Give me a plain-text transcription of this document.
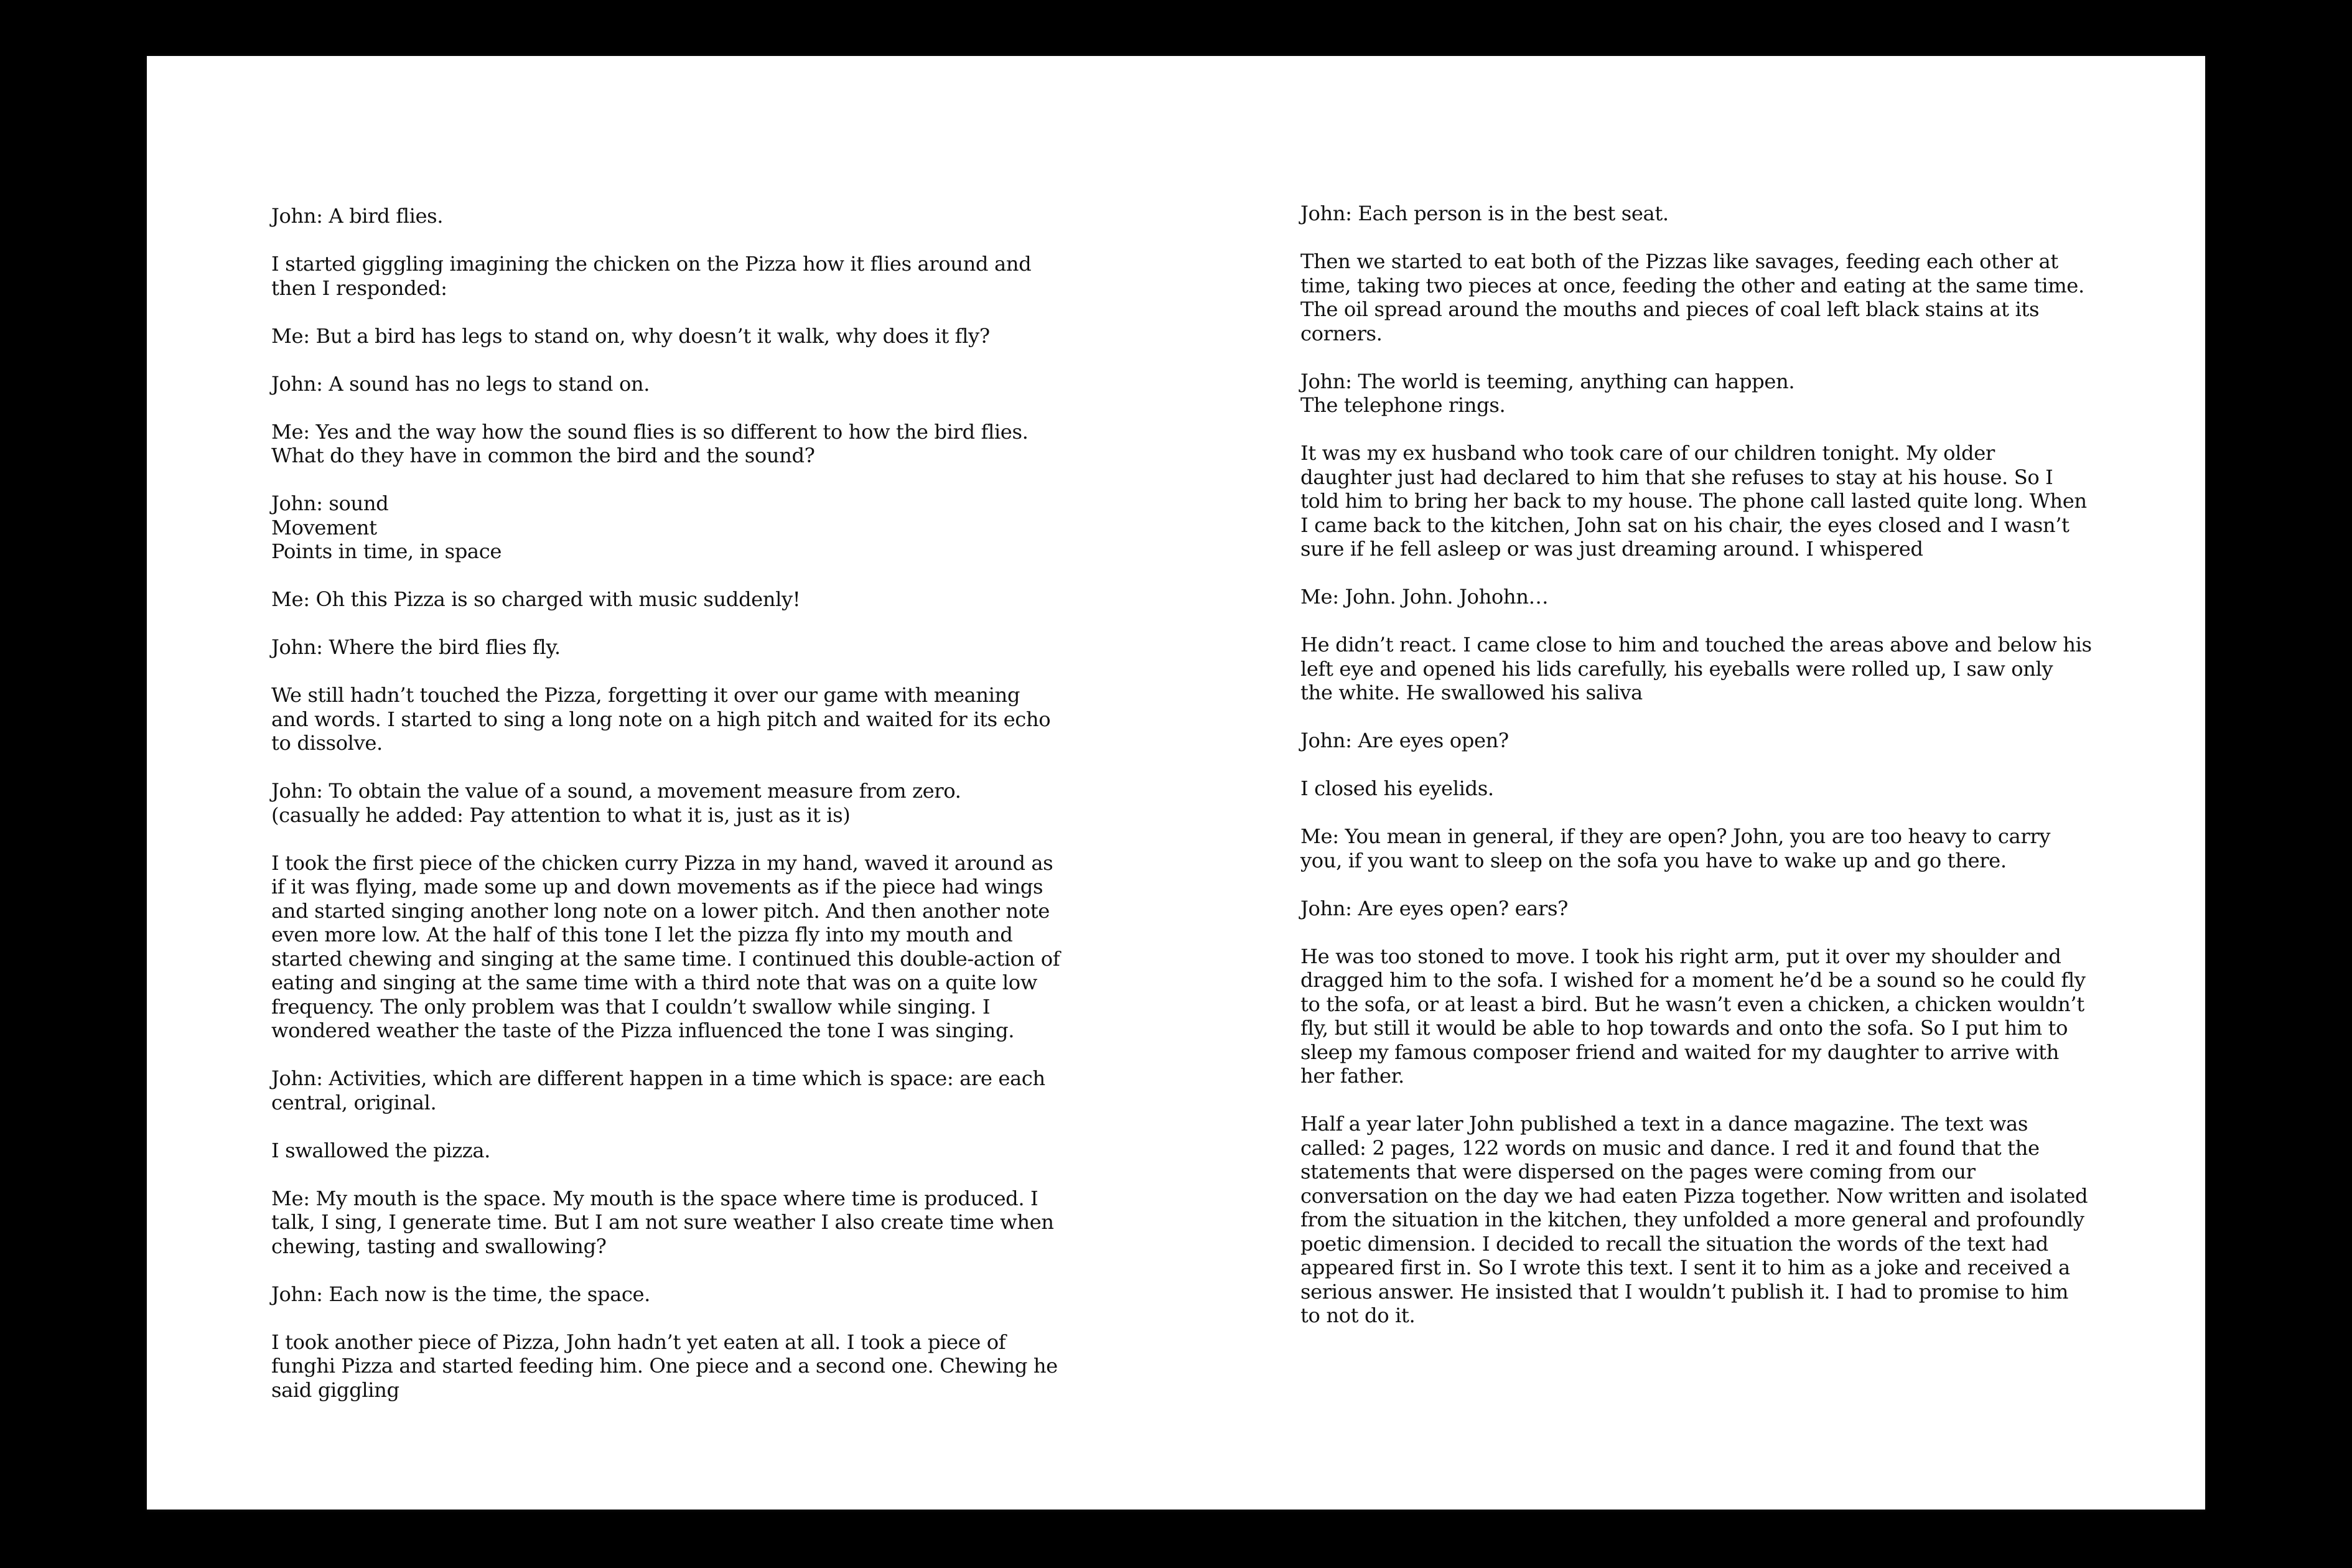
John: A bird flies.

I started giggling imagining the chicken on the Pizza how it flies around and
then I responded:

Me: But a bird has legs to stand on, why doesn’t it walk, why does it fly?

John: A sound has no legs to stand on.

Me: Yes and the way how the sound flies is so different to how the bird flies.
What do they have in common the bird and the sound?

John: sound
Movement
Points in time, in space

Me: Oh this Pizza is so charged with music suddenly!

John: Where the bird flies fly.

We still hadn’t touched the Pizza, forgetting it over our game with meaning
and words. I started to sing a long note on a high pitch and waited for its echo
to dissolve.

John: To obtain the value of a sound, a movement measure from zero.
(casually he added: Pay attention to what it is, just as it is)

I took the first piece of the chicken curry Pizza in my hand, waved it around as
if it was flying, made some up and down movements as if the piece had wings
and started singing another long note on a lower pitch. And then another note
even more low. At the half of this tone I let the pizza fly into my mouth and
started chewing and singing at the same time. I continued this double-action of
eating and singing at the same time with a third note that was on a quite low
frequency. The only problem was that I couldn’t swallow while singing. I
wondered weather the taste of the Pizza influenced the tone I was singing.

John: Activities, which are different happen in a time which is space: are each
central, original.

I swallowed the pizza.

Me: My mouth is the space. My mouth is the space where time is produced. I
talk, I sing, I generate time. But I am not sure weather I also create time when
chewing, tasting and swallowing?

John: Each now is the time, the space.

I took another piece of Pizza, John hadn’t yet eaten at all. I took a piece of
funghi Pizza and started feeding him. One piece and a second one. Chewing he
said giggling

John: Each person is in the best seat.

Then we started to eat both of the Pizzas like savages, feeding each other at
time, taking two pieces at once, feeding the other and eating at the same time.
The oil spread around the mouths and pieces of coal left black stains at its
corners.

John: The world is teeming, anything can happen.
The telephone rings.

It was my ex husband who took care of our children tonight. My older
daughter just had declared to him that she refuses to stay at his house. So I
told him to bring her back to my house. The phone call lasted quite long. When
I came back to the kitchen, John sat on his chair, the eyes closed and I wasn’t
sure if he fell asleep or was just dreaming around. I whispered

Me: John. John. Johohn…

He didn’t react. I came close to him and touched the areas above and below his
left eye and opened his lids carefully, his eyeballs were rolled up, I saw only
the white. He swallowed his saliva

John: Are eyes open?

I closed his eyelids.

Me: You mean in general, if they are open? John, you are too heavy to carry
you, if you want to sleep on the sofa you have to wake up and go there.

John: Are eyes open? ears?

He was too stoned to move. I took his right arm, put it over my shoulder and
dragged him to the sofa. I wished for a moment he’d be a sound so he could fly
to the sofa, or at least a bird. But he wasn’t even a chicken, a chicken wouldn’t
fly, but still it would be able to hop towards and onto the sofa. So I put him to
sleep my famous composer friend and waited for my daughter to arrive with
her father.

Half a year later John published a text in a dance magazine. The text was
called: 2 pages, 122 words on music and dance. I red it and found that the
statements that were dispersed on the pages were coming from our
conversation on the day we had eaten Pizza together. Now written and isolated
from the situation in the kitchen, they unfolded a more general and profoundly
poetic dimension. I decided to recall the situation the words of the text had
appeared first in. So I wrote this text. I sent it to him as a joke and received a
serious answer. He insisted that I wouldn’t publish it. I had to promise to him
to not do it.
